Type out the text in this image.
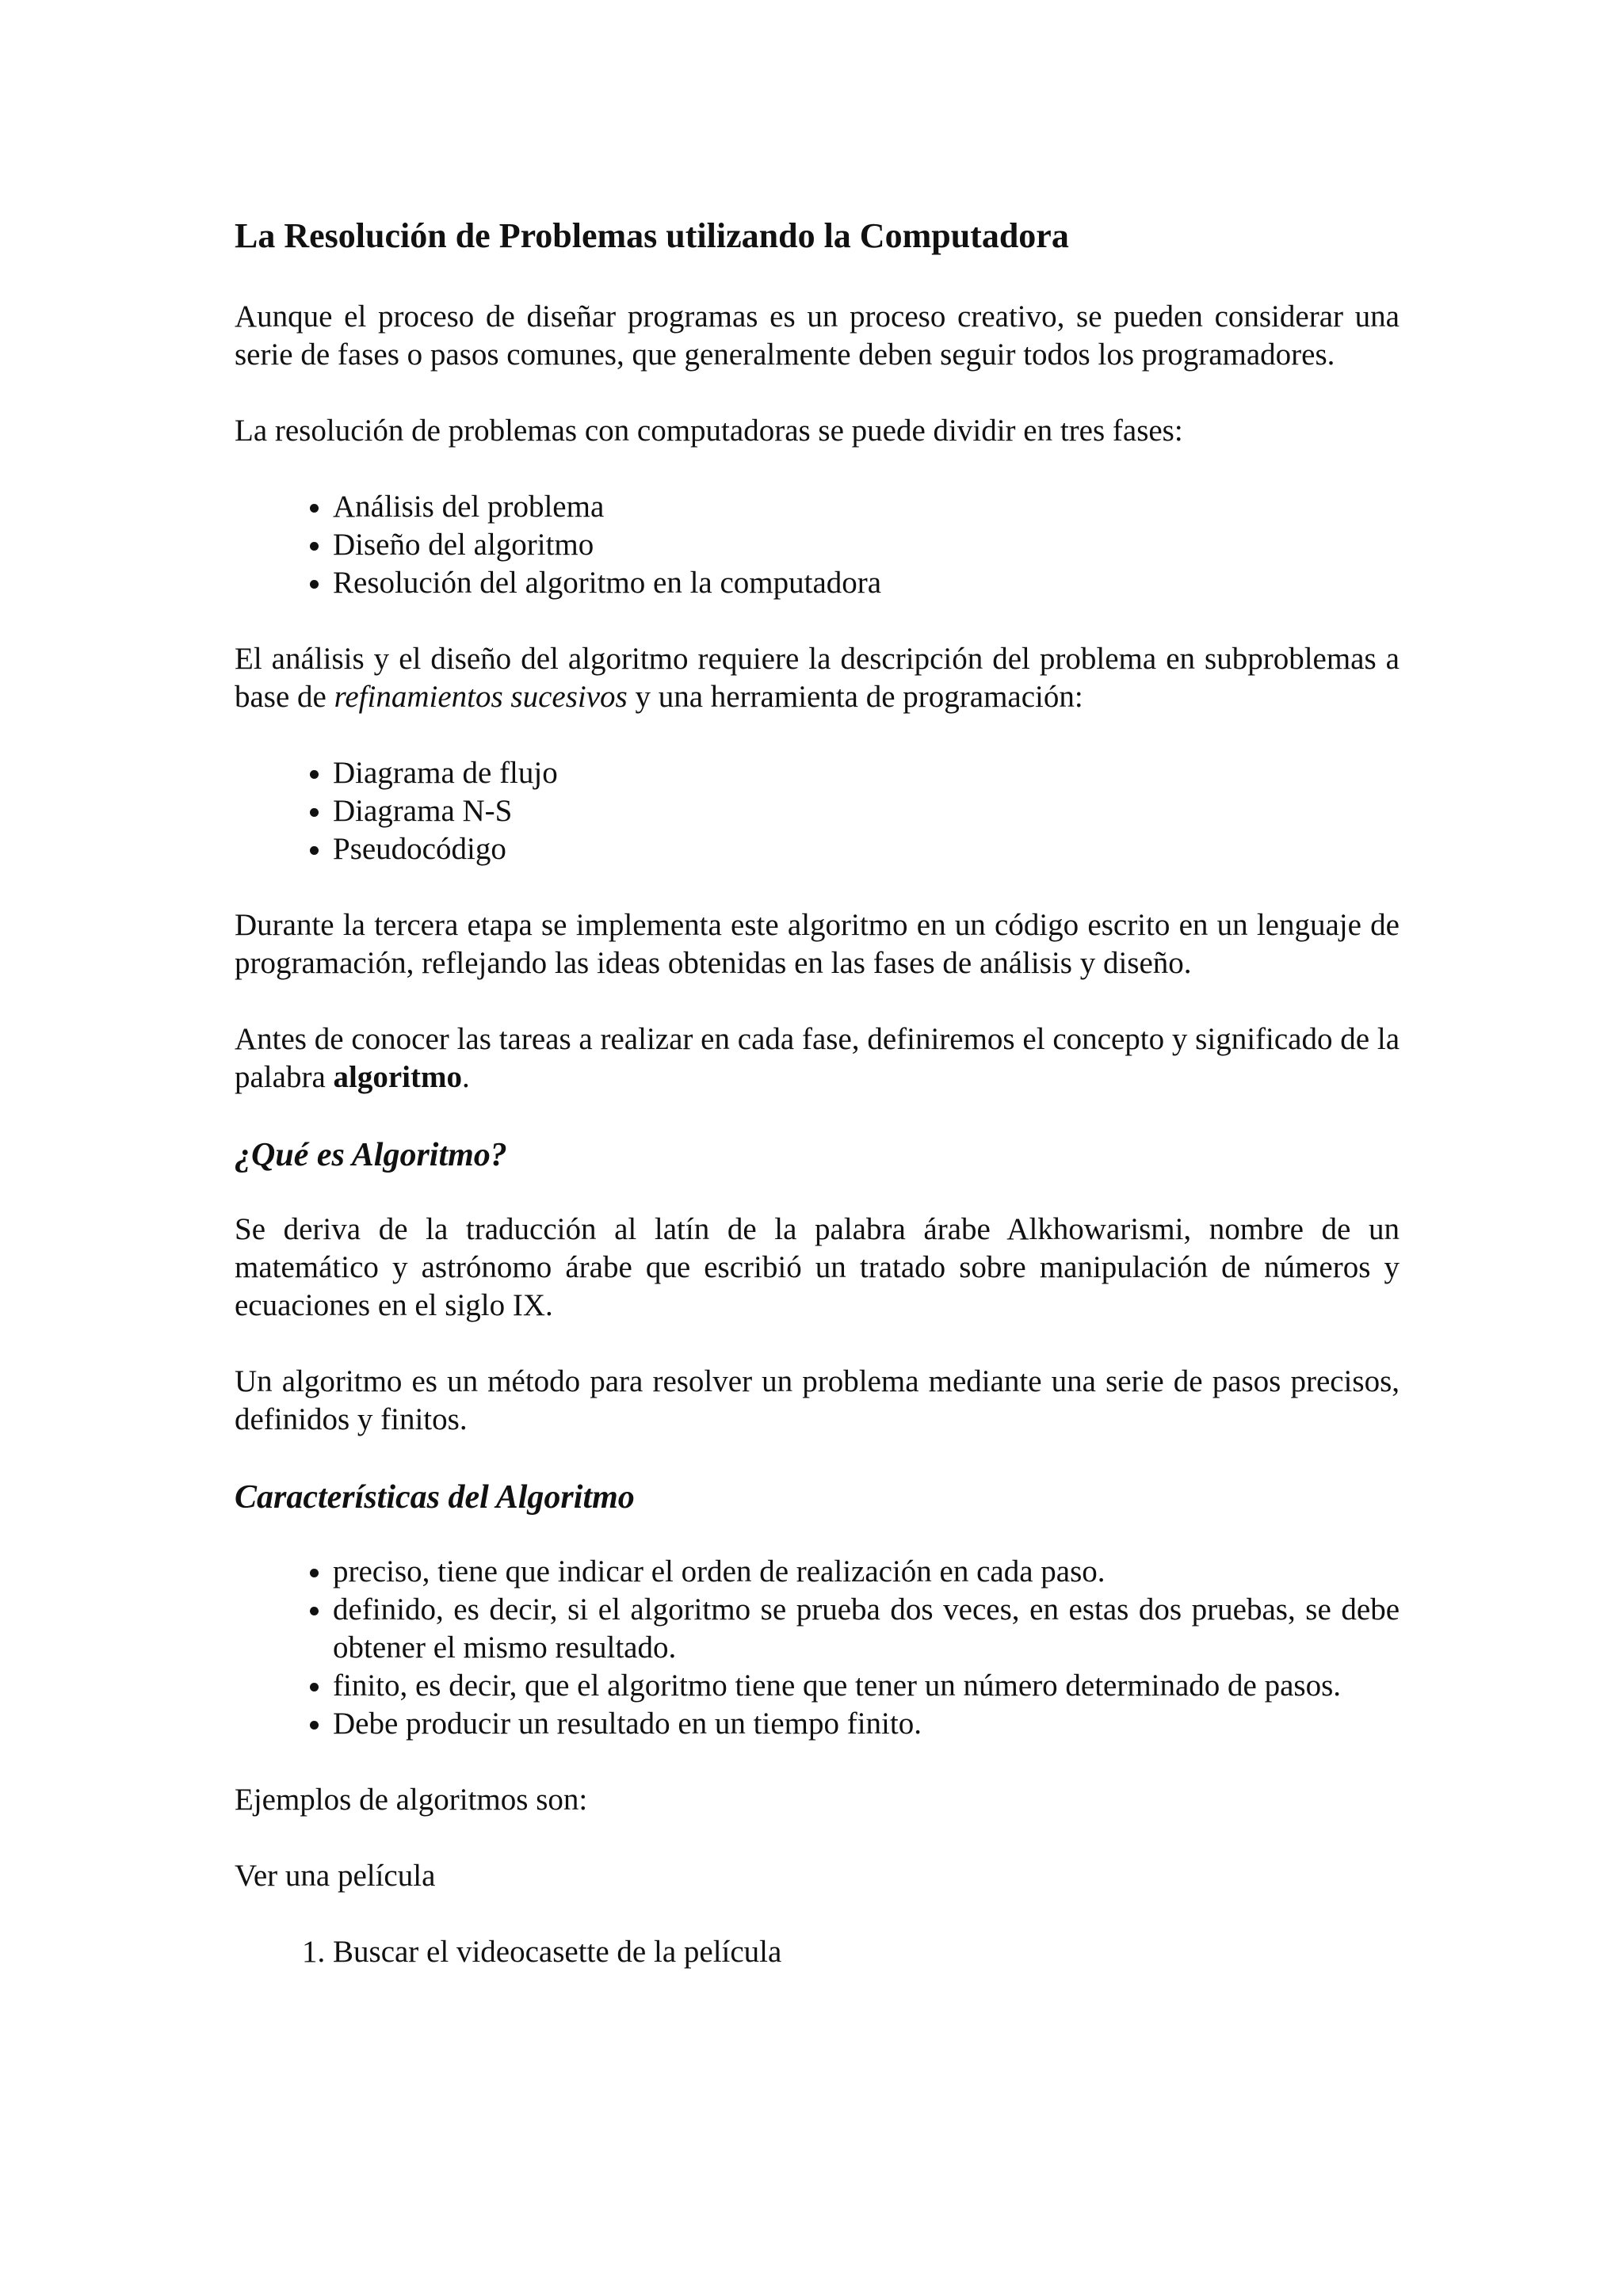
La Resolución de Problemas utilizando la Computadora

Aunque el proceso de diseñar programas es un proceso creativo, se pueden considerar una serie de fases o pasos comunes, que generalmente deben seguir todos los programadores.

La resolución de problemas con computadoras se puede dividir en tres fases:

• Análisis del problema
• Diseño del algoritmo
• Resolución del algoritmo en la computadora

El análisis y el diseño del algoritmo requiere la descripción del problema en subproblemas a base de refinamientos sucesivos y una herramienta de programación:

• Diagrama de flujo
• Diagrama N-S
• Pseudocódigo

Durante la tercera etapa se implementa este algoritmo en un código escrito en un lenguaje de programación, reflejando las ideas obtenidas en las fases de análisis y diseño.

Antes de conocer las tareas a realizar en cada fase, definiremos el concepto y significado de la palabra algoritmo.

¿Qué es Algoritmo?

Se deriva de la traducción al latín de la palabra árabe Alkhowarismi, nombre de un matemático y astrónomo árabe que escribió un tratado sobre manipulación de números y ecuaciones en el siglo IX.

Un algoritmo es un método para resolver un problema mediante una serie de pasos precisos, definidos y finitos.

Características del Algoritmo
• preciso, tiene que indicar el orden de realización en cada paso.
• definido, es decir, si el algoritmo se prueba dos veces, en estas dos pruebas, se debe obtener el mismo resultado.
• finito, es decir, que el algoritmo tiene que tener un número determinado de pasos.
• Debe producir un resultado en un tiempo finito.

Ejemplos de algoritmos son:

Ver una película

1. Buscar el videocasette de la película
